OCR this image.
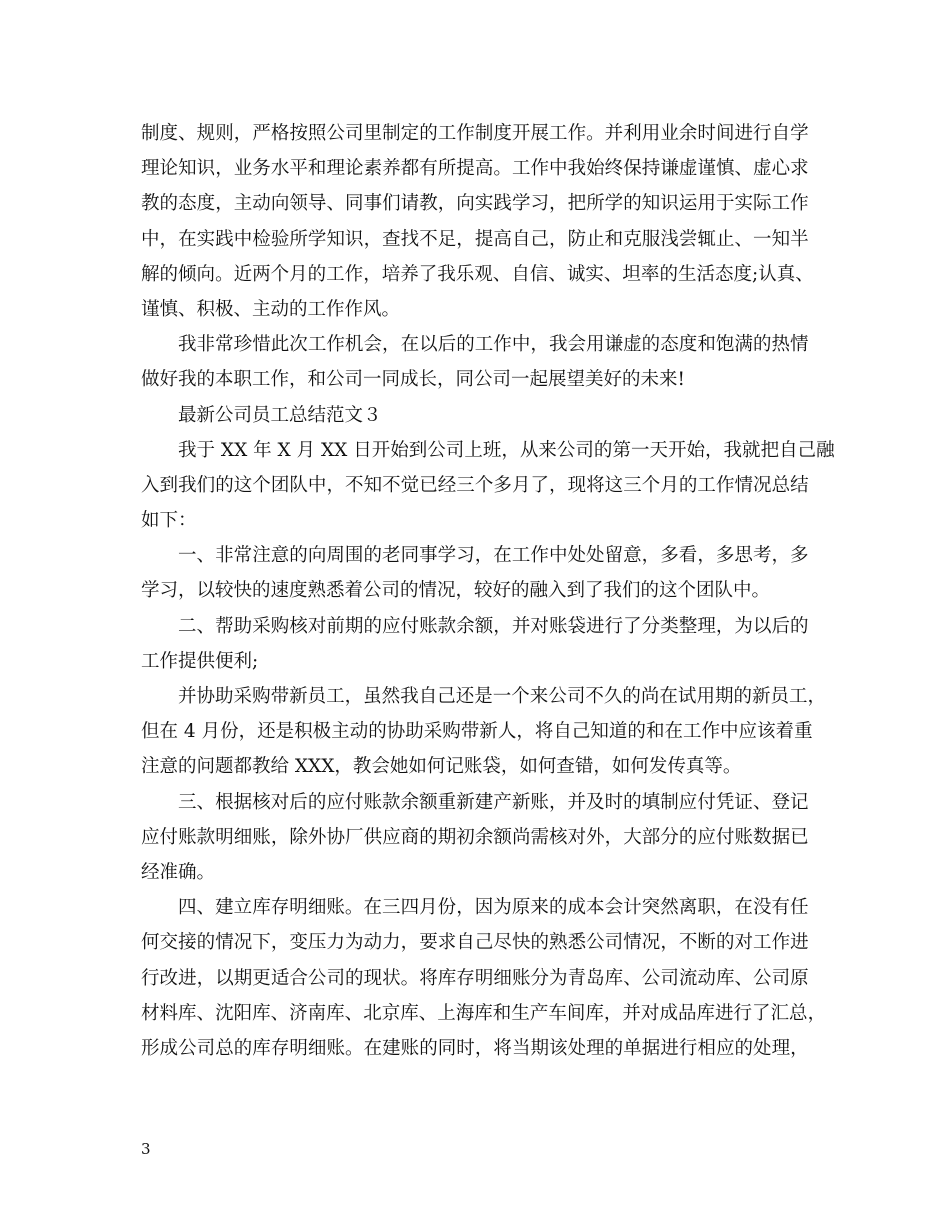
制 度 、 规 则 ， 严 格 按 照 公 司 里 制 定 的 工 作 制 度 开 展 工 作 。 并 利 用 业 余 时 间 进 行 自 学
理 论 知 识 ， 业 务 水 平 和 理 论 素 养 都 有 所 提 高 。 工 作 中 我 始 终 保 持 谦 虚 谨 慎 、 虚 心 求
教 的 态 度 ， 主 动 向 领 导 、 同 事 们 请 教 ， 向 实 践 学 习 ， 把 所 学 的 知 识 运 用 于 实 际 工 作
中 ， 在 实 践 中 检 验 所 学 知 识 ， 查 找 不 足 ， 提 高 自 己 ， 防 止 和 克 服 浅 尝 辄 止 、 一 知 半
解 的 倾 向 。 近 两 个 月 的 工 作 ， 培 养 了 我 乐 观 、 自 信 、 诚 实 、 坦 率 的 生 活 态 度 ; 认 真 、
谨慎、积极、主动的工作作风。
我 非 常 珍 惜 此 次 工 作 机 会 ， 在 以 后 的 工 作 中 ， 我 会 用 谦 虚 的 态 度 和 饱 满 的 热 情
做好我的本职工作，和公司一同成长，同公司一起展望美好的未来!
最新公司员工总结范文３
我 于 XX 年 X 月 XX 日 开 始 到 公 司 上 班 ， 从 来 公 司 的 第 一 天 开 始 ， 我 就 把 自 己 融
入 到 我 们 的 这 个 团 队 中 ， 不 知 不 觉 已 经 三 个 多 月 了 ， 现 将 这 三 个 月 的 工 作 情 况 总 结
如下：
一 、 非 常 注 意 的 向 周 围 的 老 同 事 学 习 ， 在 工 作 中 处 处 留 意 ， 多 看 ， 多 思 考 ， 多
学习，以较快的速度熟悉着公司的情况，较好的融入到了我们的这个团队中。
二 、 帮 助 采 购 核 对 前 期 的 应 付 账 款 余 额 ， 并 对 账 袋 进 行 了 分 类 整 理 ， 为 以 后 的
工作提供便利;
并 协 助 采 购 带 新 员 工 ， 虽 然 我 自 己 还 是 一 个 来 公 司 不 久 的 尚 在 试 用 期 的 新 员 工 ，
但 在 4 月 份 ， 还 是 积 极 主 动 的 协 助 采 购 带 新 人 ， 将 自 己 知 道 的 和 在 工 作 中 应 该 着 重
注意的问题都教给 XXX，教会她如何记账袋，如何查错，如何发传真等。
三 、 根 据 核 对 后 的 应 付 账 款 余 额 重 新 建 产 新 账 ， 并 及 时 的 填 制 应 付 凭 证 、 登 记
应 付 账 款 明 细 账 ， 除 外 协 厂 供 应 商 的 期 初 余 额 尚 需 核 对 外 ， 大 部 分 的 应 付 账 数 据 已
经准确。
四 、 建 立 库 存 明 细 账 。 在 三 四 月 份 ， 因 为 原 来 的 成 本 会 计 突 然 离 职 ， 在 没 有 任
何 交 接 的 情 况 下 ， 变 压 力 为 动 力 ， 要 求 自 己 尽 快 的 熟 悉 公 司 情 况 ， 不 断 的 对 工 作 进
行 改 进 ， 以 期 更 适 合 公 司 的 现 状 。 将 库 存 明 细 账 分 为 青 岛 库 、 公 司 流 动 库 、 公 司 原
材 料 库 、 沈 阳 库 、 济 南 库 、 北 京 库 、 上 海 库 和 生 产 车 间 库 ， 并 对 成 品 库 进 行 了 汇 总 ，
形 成 公 司 总 的 库 存 明 细 账 。 在 建 账 的 同 时 ， 将 当 期 该 处 理 的 单 据 进 行 相 应 的 处 理 ，
3
